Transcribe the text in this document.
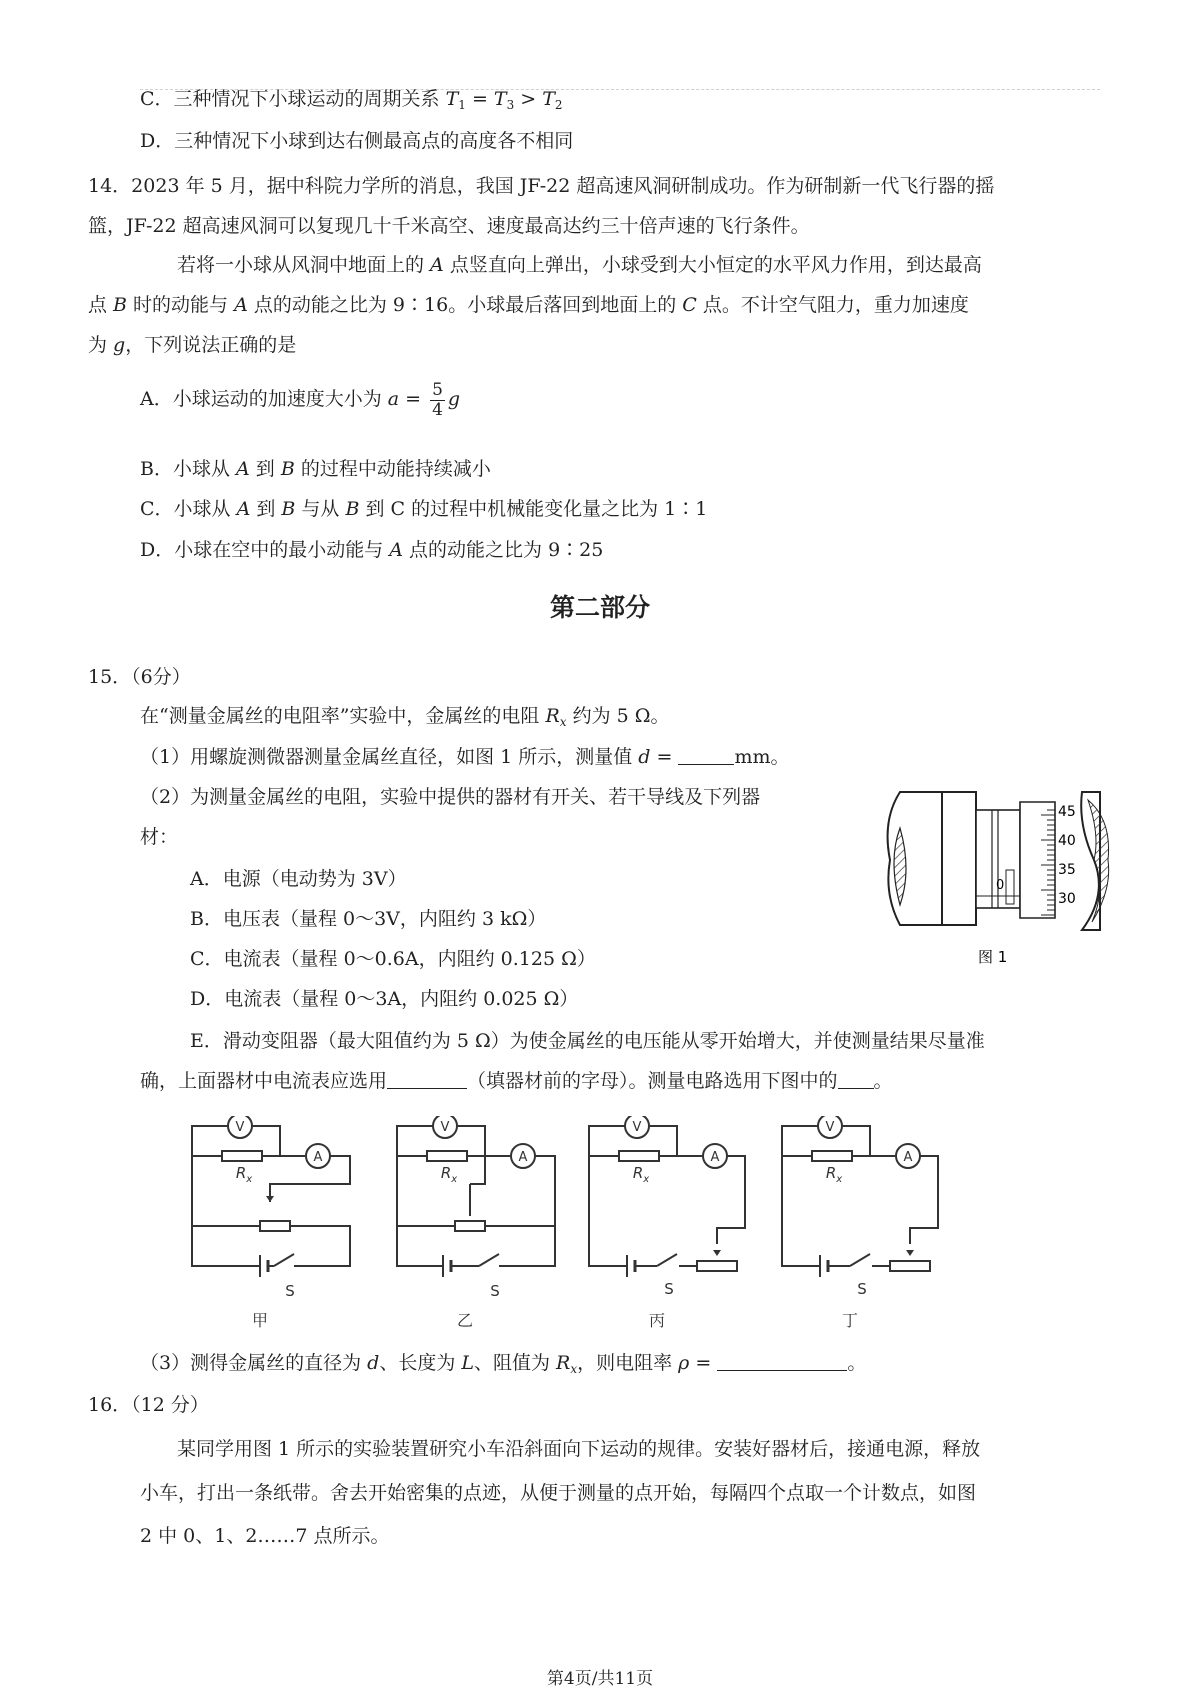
C．三种情况下小球运动的周期关系 $T_1 = T_3 > T_2$
D．三种情况下小球到达右侧最高点的高度各不相同
14．2023 年 5 月，据中科院力学所的消息，我国 JF-22 超高速风洞研制成功。作为研制新一代飞行器的摇
篮，JF-22 超高速风洞可以复现几十千米高空、速度最高达约三十倍声速的飞行条件。
若将一小球从风洞中地面上的 A 点竖直向上弹出，小球受到大小恒定的水平风力作用，到达最高
点 B 时的动能与 A 点的动能之比为 9∶16。小球最后落回到地面上的 C 点。不计空气阻力，重力加速度
为 g，下列说法正确的是
A．小球运动的加速度大小为 $a = \frac{5}{4}$ g
B．小球从 A 到 B 的过程中动能持续减小
C．小球从 A 到 B 与从 B 到 C 的过程中机械能变化量之比为 1∶1
D．小球在空中的最小动能与 A 点的动能之比为 9∶25
第二部分
15．（6分）
在“测量金属丝的电阻率”实验中，金属丝的电阻 $R_x$ 约为 5 Ω。
（1）用螺旋测微器测量金属丝直径，如图 1 所示，测量值 d =	mm。
（2）为测量金属丝的电阻，实验中提供的器材有开关、若干导线及下列器
材：
A．电源（电动势为 3V）
B．电压表（量程 0～3V，内阻约 3 kΩ）
C．电流表（量程 0～0.6A，内阻约 0.125 Ω）
D．电流表（量程 0～3A，内阻约 0.025 Ω）
E．滑动变阻器（最大阻值约为 5 Ω）为使金属丝的电压能从零开始增大，并使测量结果尽量准
确，上面器材中电流表应选用	（填器材前的字母）。测量电路选用下图中的 。
45
40
35
30
0
图 1
V
$R_x$
A
S
甲
V
$R_x$
A
S
乙
V
$R_x$
A
S
丙
V
$R_x$
A
S
丁
（3）测得金属丝的直径为 d、长度为 L、阻值为 $R_x$，则电阻率 ρ =	。
16．（12 分）
某同学用图 1 所示的实验装置研究小车沿斜面向下运动的规律。安装好器材后，接通电源，释放
小车，打出一条纸带。舍去开始密集的点迹，从便于测量的点开始，每隔四个点取一个计数点，如图
2 中 0、1、2……7 点所示。
第4页/共11页
